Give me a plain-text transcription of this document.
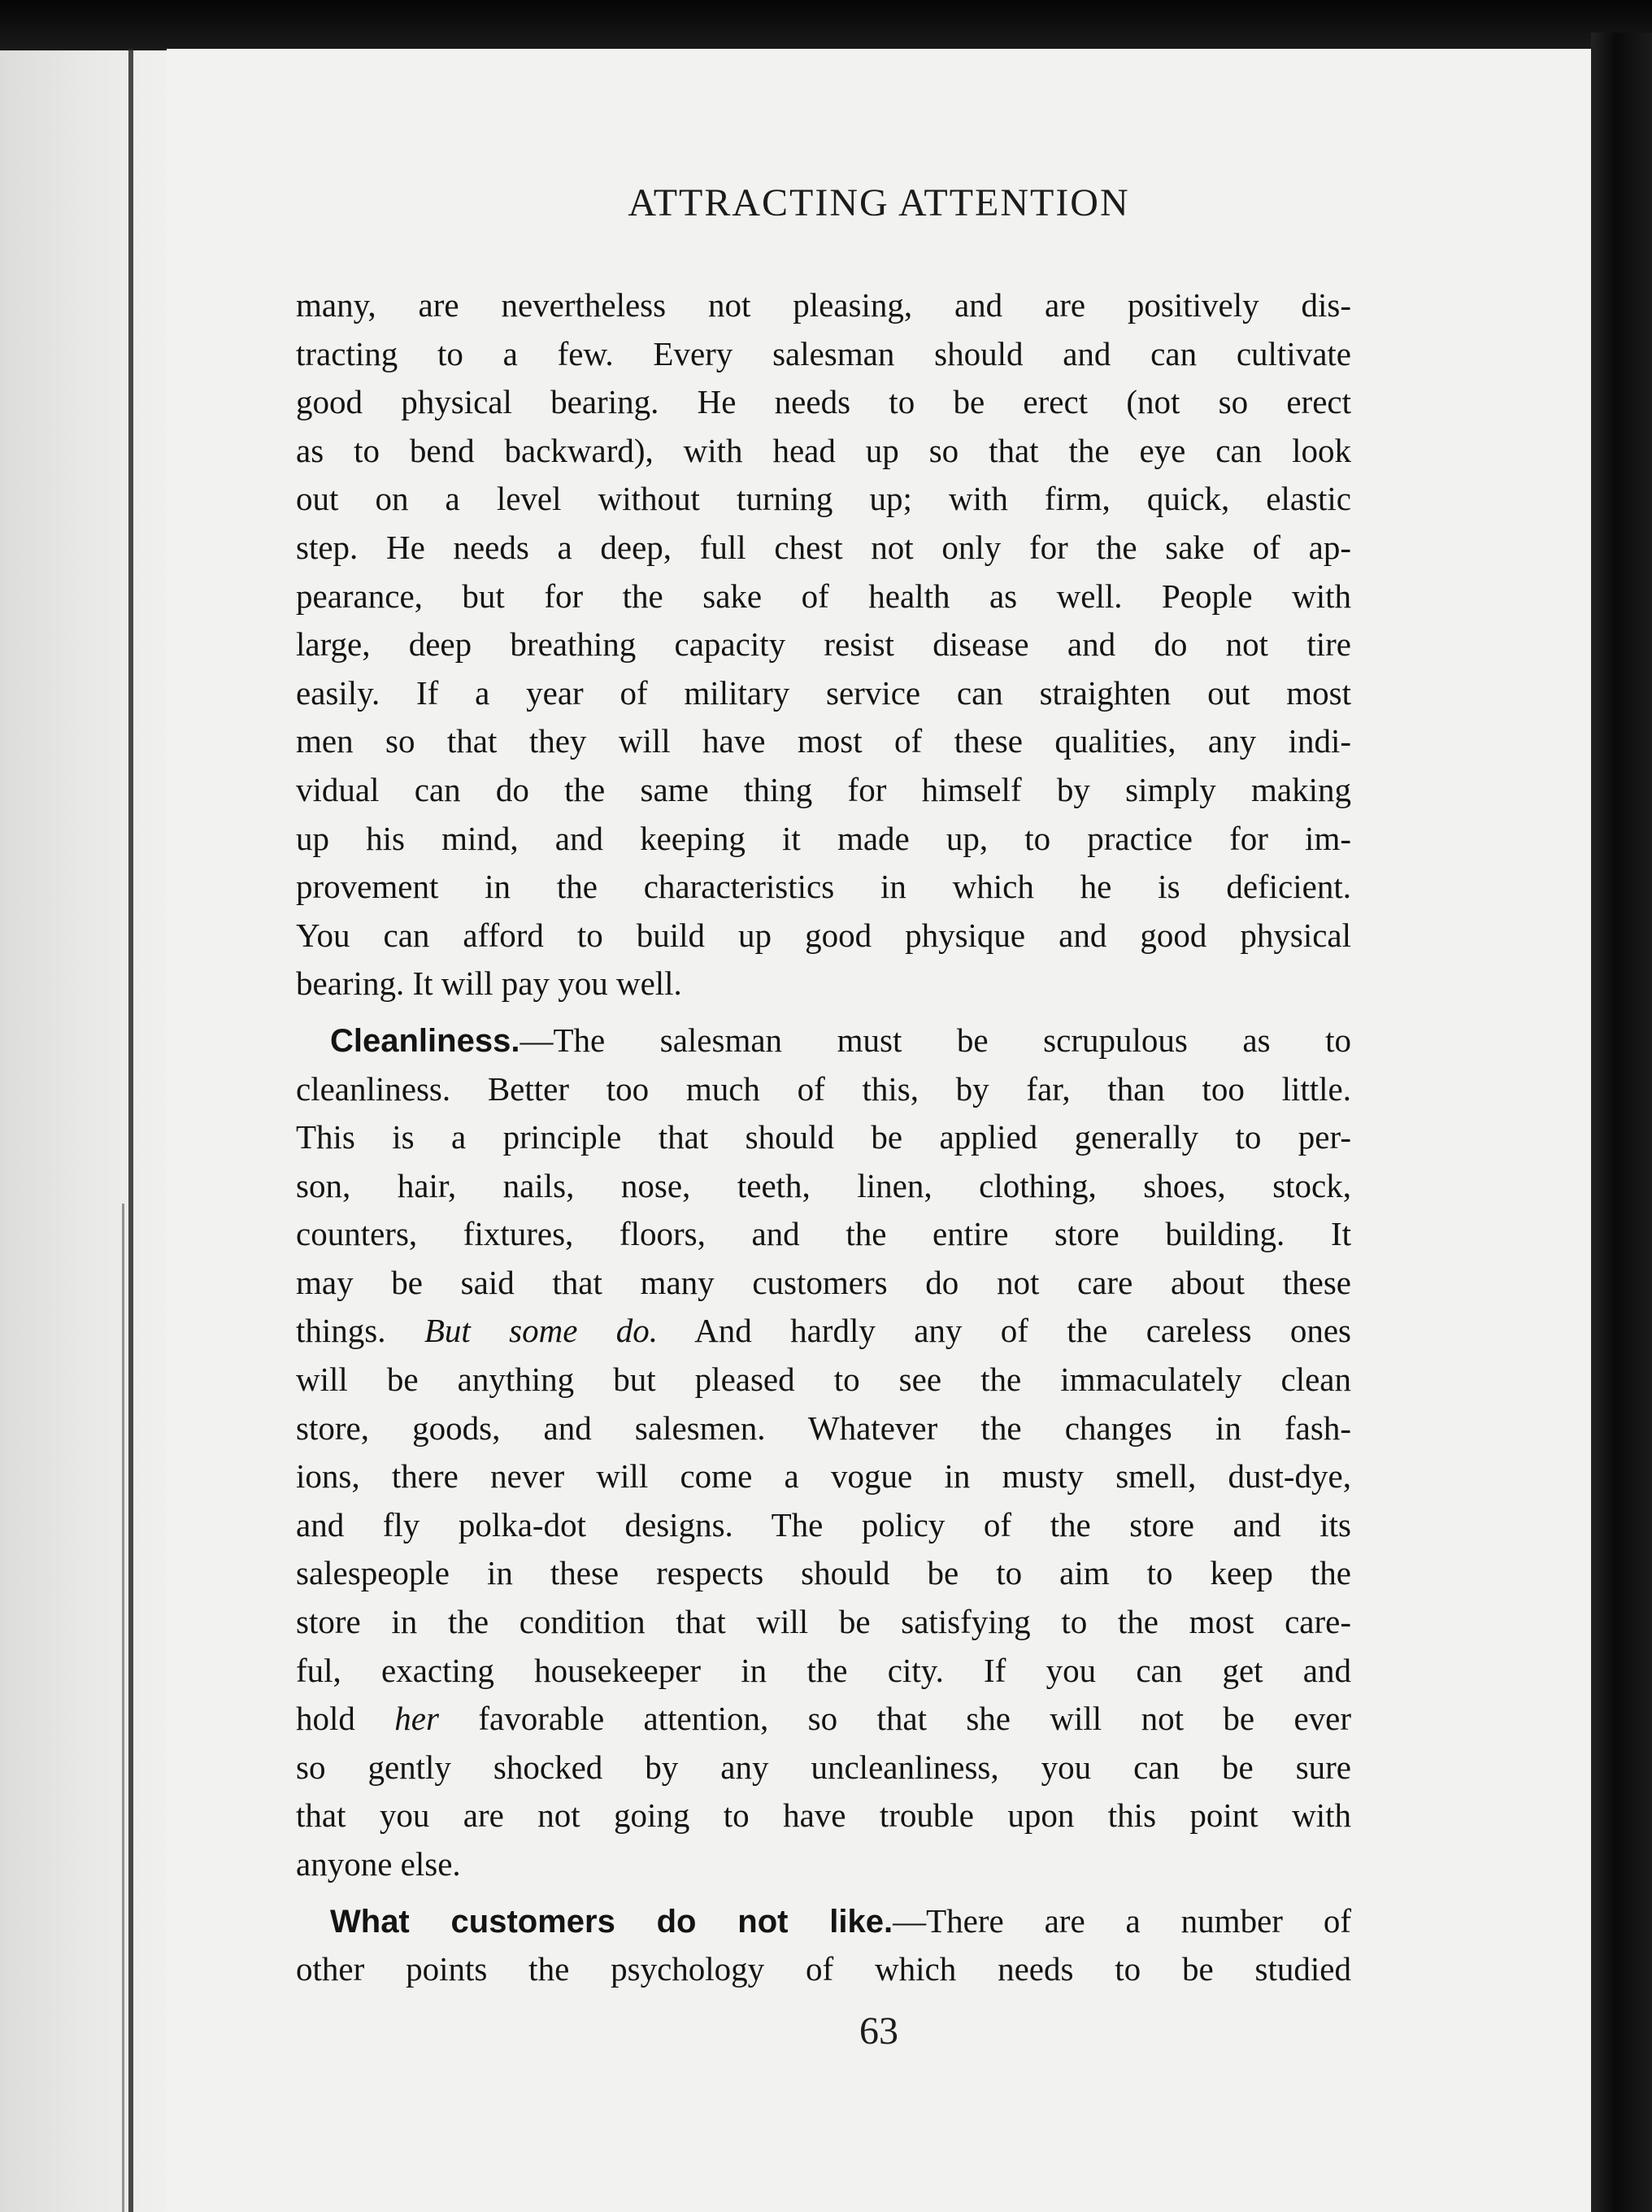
ATTRACTING ATTENTION

many, are nevertheless not pleasing, and are positively dis-
tracting to a few. Every salesman should and can cultivate
good physical bearing. He needs to be erect (not so erect
as to bend backward), with head up so that the eye can look
out on a level without turning up; with firm, quick, elastic
step. He needs a deep, full chest not only for the sake of ap-
pearance, but for the sake of health as well. People with
large, deep breathing capacity resist disease and do not tire
easily. If a year of military service can straighten out most
men so that they will have most of these qualities, any indi-
vidual can do the same thing for himself by simply making
up his mind, and keeping it made up, to practice for im-
provement in the characteristics in which he is deficient.
You can afford to build up good physique and good physical
bearing. It will pay you well.

Cleanliness.—The salesman must be scrupulous as to
cleanliness. Better too much of this, by far, than too little.
This is a principle that should be applied generally to per-
son, hair, nails, nose, teeth, linen, clothing, shoes, stock,
counters, fixtures, floors, and the entire store building. It
may be said that many customers do not care about these
things. But some do. And hardly any of the careless ones
will be anything but pleased to see the immaculately clean
store, goods, and salesmen. Whatever the changes in fash-
ions, there never will come a vogue in musty smell, dust-dye,
and fly polka-dot designs. The policy of the store and its
salespeople in these respects should be to aim to keep the
store in the condition that will be satisfying to the most care-
ful, exacting housekeeper in the city. If you can get and
hold her favorable attention, so that she will not be ever
so gently shocked by any uncleanliness, you can be sure
that you are not going to have trouble upon this point with
anyone else.

What customers do not like.—There are a number of
other points the psychology of which needs to be studied

63
